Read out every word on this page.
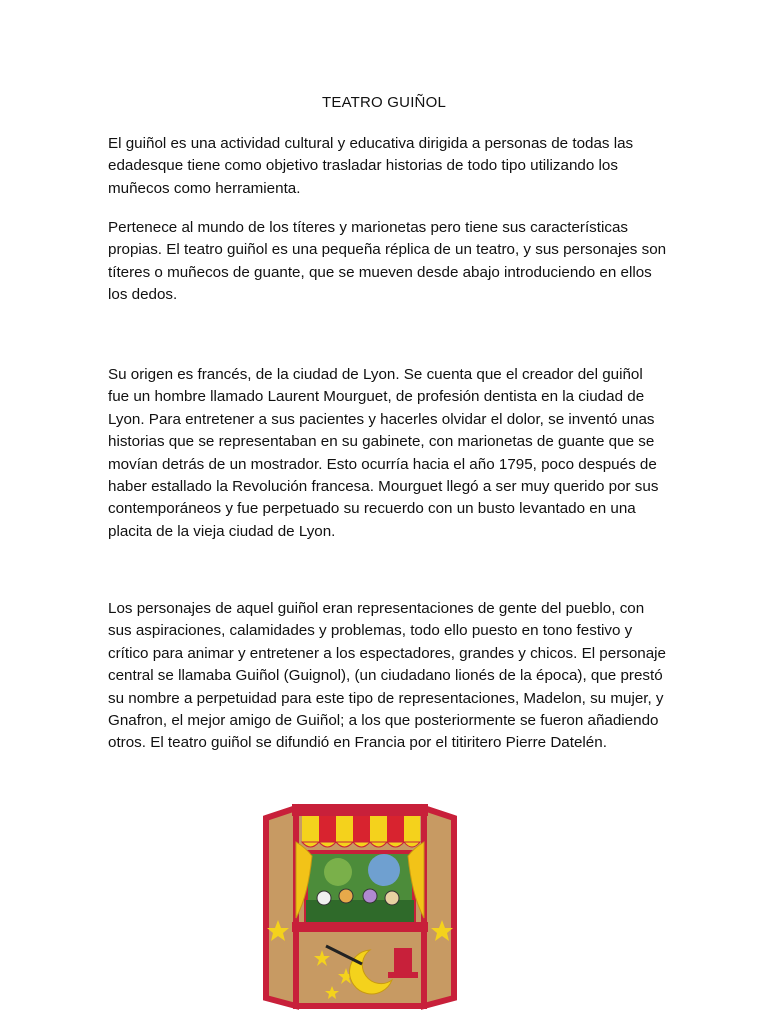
TEATRO GUIÑOL

El guiñol es una actividad cultural y educativa dirigida a personas de todas las edadesque tiene como objetivo trasladar historias de todo tipo utilizando los muñecos como herramienta.

Pertenece al mundo de los títeres y marionetas pero tiene sus características propias. El teatro guiñol es una pequeña réplica de un teatro, y sus personajes son títeres o muñecos de guante, que se mueven desde abajo introduciendo en ellos los dedos.

Su origen es francés, de la ciudad de Lyon. Se cuenta que el creador del guiñol fue un hombre llamado Laurent Mourguet, de profesión dentista en la ciudad de Lyon. Para entretener a sus pacientes y hacerles olvidar el dolor, se inventó unas historias que se representaban en su gabinete, con marionetas de guante que se movían detrás de un mostrador. Esto ocurría hacia el año 1795, poco después de haber estallado la Revolución francesa. Mourguet llegó a ser muy querido por sus contemporáneos y fue perpetuado su recuerdo con un busto levantado en una placita de la vieja ciudad de Lyon.

Los personajes de aquel guiñol eran representaciones de gente del pueblo, con sus aspiraciones, calamidades y problemas, todo ello puesto en tono festivo y crítico para animar y entretener a los espectadores, grandes y chicos. El personaje central se llamaba Guiñol (Guignol), (un ciudadano lionés de la época), que prestó su nombre a perpetuidad para este tipo de representaciones, Madelon, su mujer, y Gnafron, el mejor amigo de Guiñol; a los que posteriormente se fueron añadiendo otros. El teatro guiñol se difundió en Francia por el titiritero Pierre Datelén.
